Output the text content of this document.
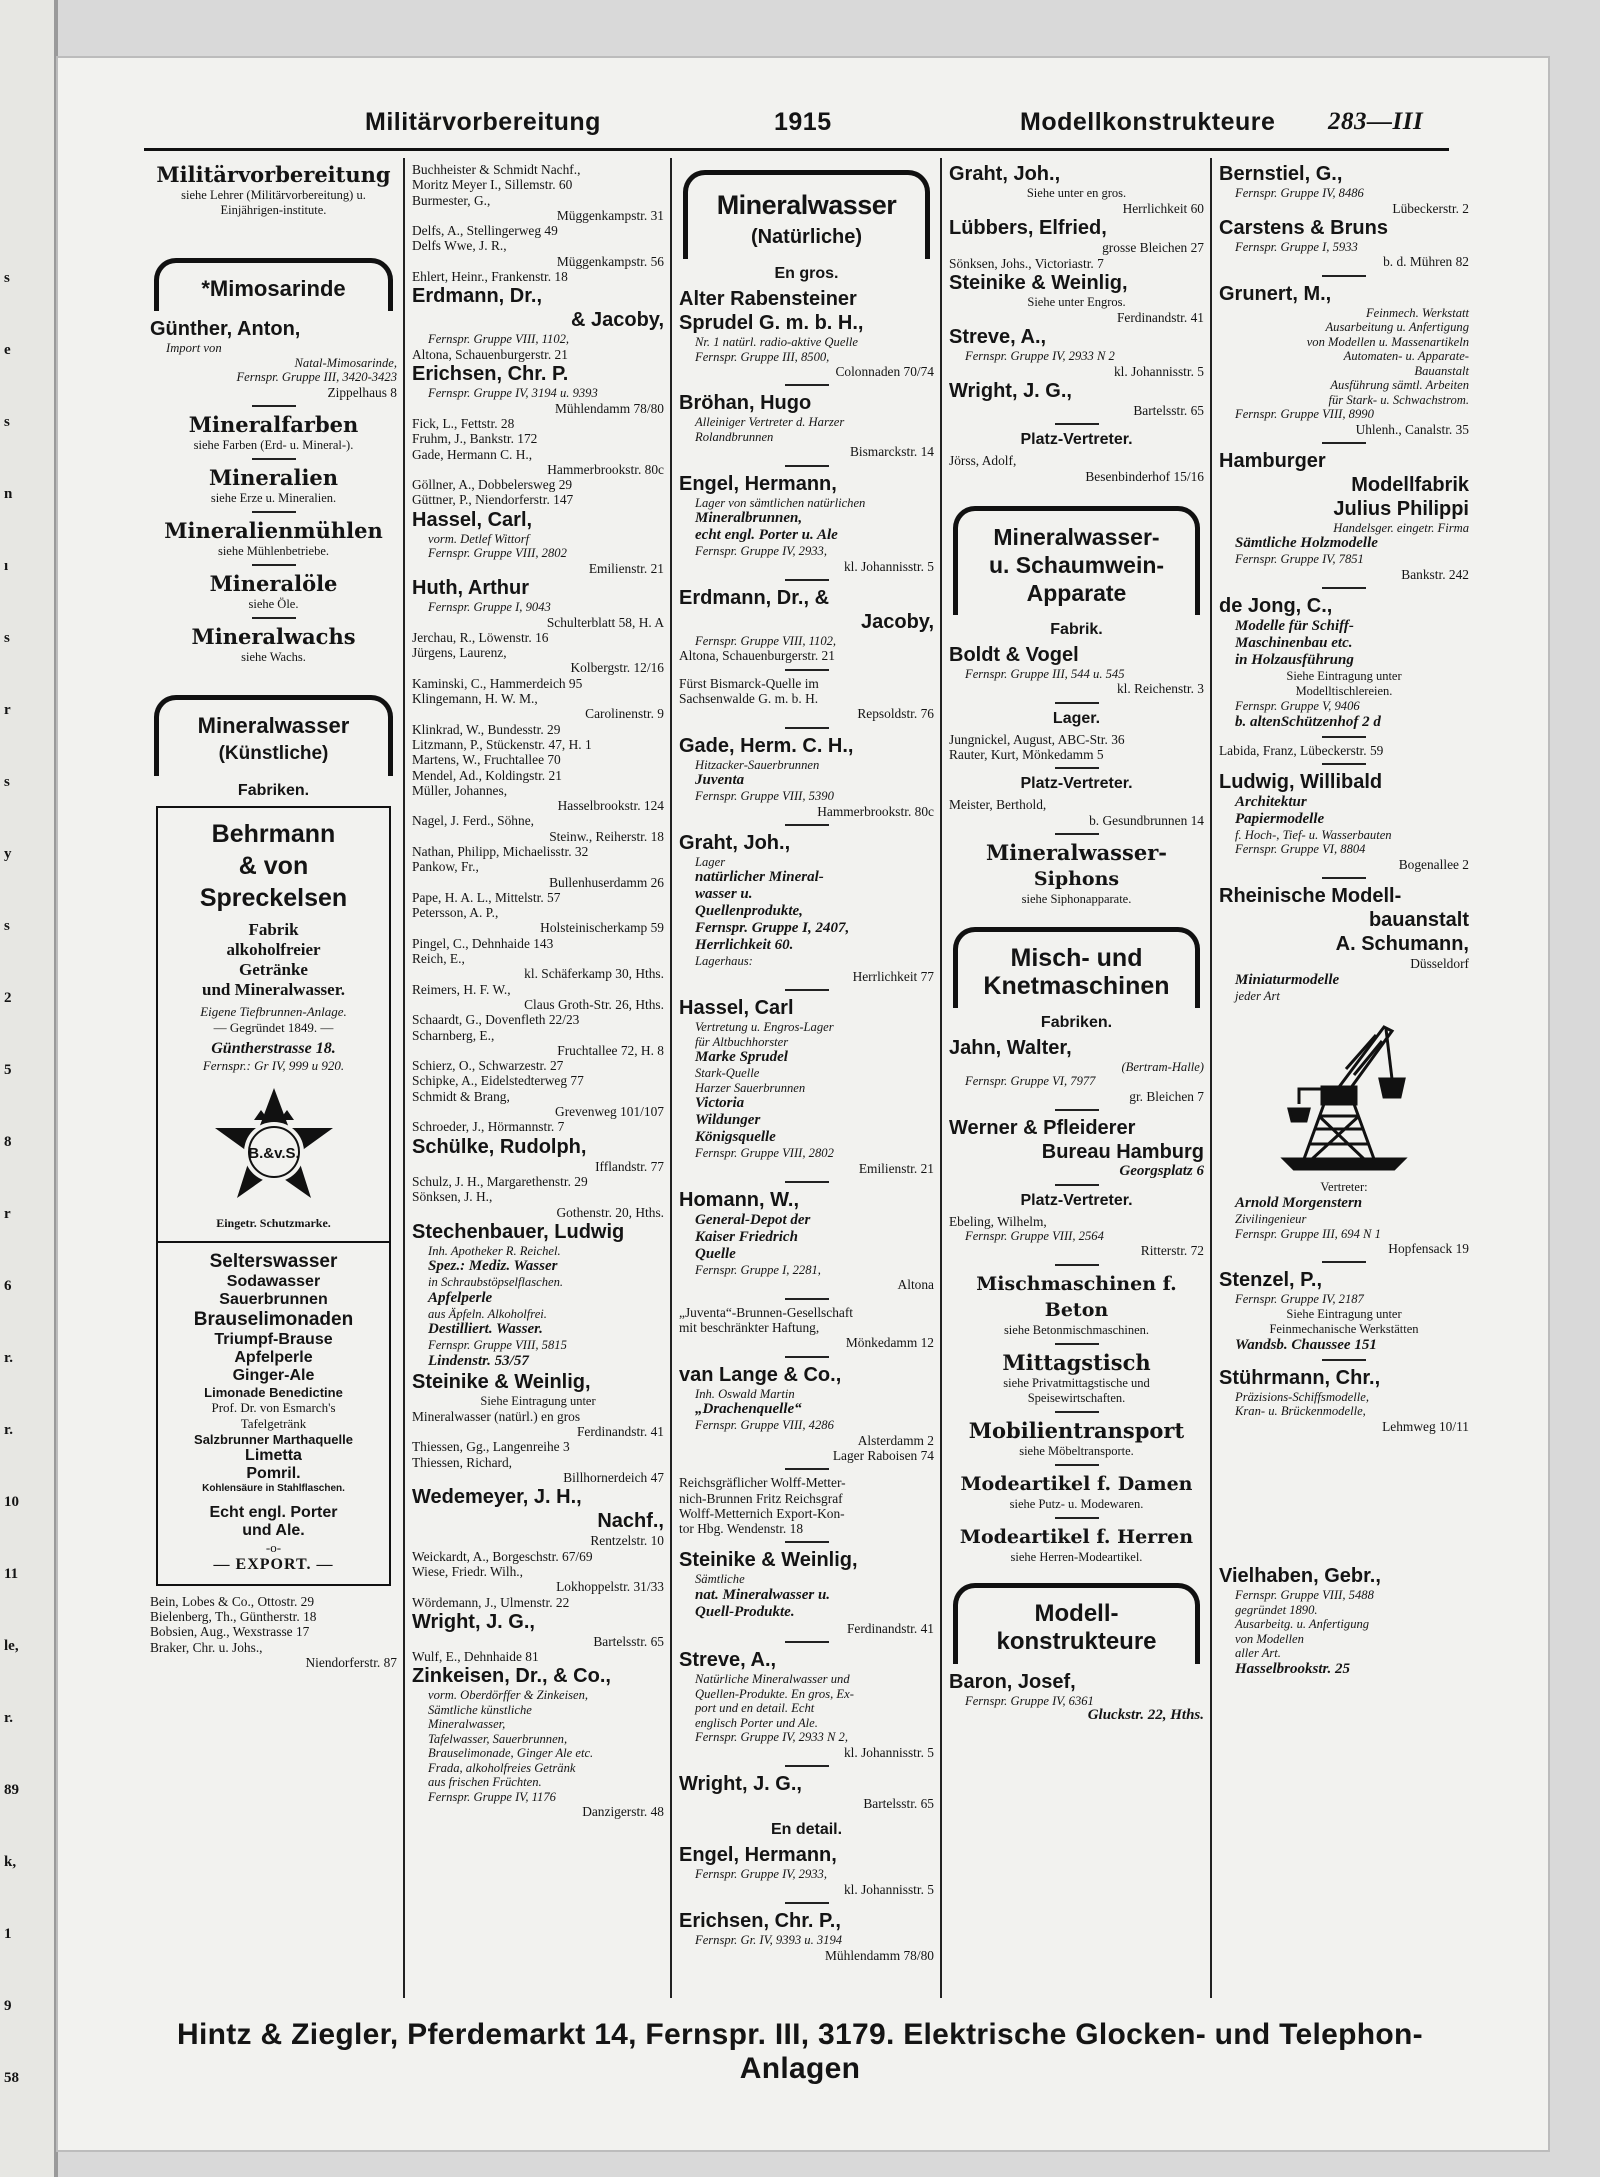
s
e
s
n
ı
s
r
s
y
s
2
5
8
r
6
r.
r.
10
11
le,
r.
89
k,
1
9
58
Militärvorbereitung	1915	Modellkonstrukteure 283—III
Militärvorbereitung
siehe Lehrer (Militärvorbereitung) u. Einjährigen-institute.
*Mimosarinde
Günther, Anton,
Import von
Natal-Mimosarinde,
Fernspr. Gruppe III, 3420-3423
Zippelhaus 8
Mineralfarben
siehe Farben (Erd- u. Mineral-).
Mineralien
siehe Erze u. Mineralien.
Mineralienmühlen
siehe Mühlenbetriebe.
Mineralöle
siehe Öle.
Mineralwachs
siehe Wachs.
Mineralwasser
(Künstliche)
Fabriken.
Behrmann
& von Spreckelsen
Fabrik
alkoholfreier
Getränke
und Mineralwasser.
Eigene Tiefbrunnen-Anlage.
— Gegründet 1849. —
Güntherstrasse 18.
Fernspr.: Gr IV, 999 u 920.
B.&v.S.
Eingetr. Schutzmarke.
Selterswasser
Sodawasser
Sauerbrunnen
Brauselimonaden
Triumpf-Brause
Apfelperle
Ginger-Ale
Limonade Benedictine
Prof. Dr. von Esmarch's
Tafelgetränk
Salzbrunner Marthaquelle
Limetta
Pomril.
Kohlensäure in Stahlflaschen.
Echt engl. Porter
und Ale.
-o-
— EXPORT. —
Bein, Lobes & Co., Ottostr. 29
Bielenberg, Th., Güntherstr. 18
Bobsien, Aug., Wexstrasse 17
Braker, Chr. u. Johs.,
Niendorferstr. 87
Buchheister & Schmidt Nachf.,
Moritz Meyer I., Sillemstr. 60
Burmester, G.,
Müggenkampstr. 31
Delfs, A., Stellingerweg 49
Delfs Wwe, J. R.,
Müggenkampstr. 56
Ehlert, Heinr., Frankenstr. 18
Erdmann, Dr.,
& Jacoby,
Fernspr. Gruppe VIII, 1102,
Altona, Schauenburgerstr. 21
Erichsen, Chr. P.
Fernspr. Gruppe IV, 3194 u. 9393
Mühlendamm 78/80
Fick, L., Fettstr. 28
Fruhm, J., Bankstr. 172
Gade, Hermann C. H.,
Hammerbrookstr. 80c
Göllner, A., Dobbelersweg 29
Güttner, P., Niendorferstr. 147
Hassel, Carl,
vorm. Detlef Wittorf
Fernspr. Gruppe VIII, 2802
Emilienstr. 21
Huth, Arthur
Fernspr. Gruppe I, 9043
Schulterblatt 58, H. A
Jerchau, R., Löwenstr. 16
Jürgens, Laurenz,
Kolbergstr. 12/16
Kaminski, C., Hammerdeich 95
Klingemann, H. W. M.,
Carolinenstr. 9
Klinkrad, W., Bundesstr. 29
Litzmann, P., Stückenstr. 47, H. 1
Martens, W., Fruchtallee 70
Mendel, Ad., Koldingstr. 21
Müller, Johannes,
Hasselbrookstr. 124
Nagel, J. Ferd., Söhne,
Steinw., Reiherstr. 18
Nathan, Philipp, Michaelisstr. 32
Pankow, Fr.,
Bullenhuserdamm 26
Pape, H. A. L., Mittelstr. 57
Petersson, A. P.,
Holsteinischerkamp 59
Pingel, C., Dehnhaide 143
Reich, E.,
kl. Schäferkamp 30, Hths.
Reimers, H. F. W.,
Claus Groth-Str. 26, Hths.
Schaardt, G., Dovenfleth 22/23
Scharnberg, E.,
Fruchtallee 72, H. 8
Schierz, O., Schwarzestr. 27
Schipke, A., Eidelstedterweg 77
Schmidt & Brang,
Grevenweg 101/107
Schroeder, J., Hörmannstr. 7
Schülke, Rudolph,
Ifflandstr. 77
Schulz, J. H., Margarethenstr. 29
Sönksen, J. H.,
Gothenstr. 20, Hths.
Stechenbauer, Ludwig
Inh. Apotheker R. Reichel.
Spez.: Mediz. Wasser
in Schraubstöpselflaschen.
Apfelperle
aus Äpfeln. Alkoholfrei.
Destilliert. Wasser.
Fernspr. Gruppe VIII, 5815
Lindenstr. 53/57
Steinike & Weinlig,
Siehe Eintragung unter
Mineralwasser (natürl.) en gros
Ferdinandstr. 41
Thiessen, Gg., Langenreihe 3
Thiessen, Richard,
Billhornerdeich 47
Wedemeyer, J. H.,
Nachf.,
Rentzelstr. 10
Weickardt, A., Borgeschstr. 67/69
Wiese, Friedr. Wilh.,
Lokhoppelstr. 31/33
Wördemann, J., Ulmenstr. 22
Wright, J. G.,
Bartelsstr. 65
Wulf, E., Dehnhaide 81
Zinkeisen, Dr., & Co.,
vorm. Oberdörffer & Zinkeisen,
Sämtliche künstliche
Mineralwasser,
Tafelwasser, Sauerbrunnen,
Brauselimonade, Ginger Ale etc.
Frada, alkoholfreies Getränk
aus frischen Früchten.
Fernspr. Gruppe IV, 1176
Danzigerstr. 48
Mineralwasser
(Natürliche)
En gros.
Alter Rabensteiner
Sprudel G. m. b. H.,
Nr. 1 natürl. radio-aktive Quelle
Fernspr. Gruppe III, 8500,
Colonnaden 70/74
Bröhan, Hugo
Alleiniger Vertreter d. Harzer
Rolandbrunnen
Bismarckstr. 14
Engel, Hermann,
Lager von sämtlichen natürlichen
Mineralbrunnen,
echt engl. Porter u. Ale
Fernspr. Gruppe IV, 2933,
kl. Johannisstr. 5
Erdmann, Dr., &
Jacoby,
Fernspr. Gruppe VIII, 1102,
Altona, Schauenburgerstr. 21
Fürst Bismarck-Quelle im
Sachsenwalde G. m. b. H.
Repsoldstr. 76
Gade, Herm. C. H.,
Hitzacker-Sauerbrunnen
Juventa
Fernspr. Gruppe VIII, 5390
Hammerbrookstr. 80c
Graht, Joh.,
Lager
natürlicher Mineral-
wasser u.
Quellenprodukte,
Fernspr. Gruppe I, 2407,
Herrlichkeit 60.
Lagerhaus:
Herrlichkeit 77
Hassel, Carl
Vertretung u. Engros-Lager
für Altbuchhorster
Marke Sprudel
Stark-Quelle
Harzer Sauerbrunnen
Victoria
Wildunger
Königsquelle
Fernspr. Gruppe VIII, 2802
Emilienstr. 21
Homann, W.,
General-Depot der
Kaiser Friedrich
Quelle
Fernspr. Gruppe I, 2281,
Altona
„Juventa“-Brunnen-Gesellschaft
mit beschränkter Haftung,
Mönkedamm 12
van Lange & Co.,
Inh. Oswald Martin
„Drachenquelle“
Fernspr. Gruppe VIII, 4286
Alsterdamm 2
Lager Raboisen 74
Reichsgräflicher Wolff-Metter-
nich-Brunnen Fritz Reichsgraf
Wolff-Metternich Export-Kon-
tor Hbg. Wendenstr. 18
Steinike & Weinlig,
Sämtliche
nat. Mineralwasser u.
Quell-Produkte.
Ferdinandstr. 41
Streve, A.,
Natürliche Mineralwasser und
Quellen-Produkte. En gros, Ex-
port und en detail. Echt
englisch Porter und Ale.
Fernspr. Gruppe IV, 2933 N 2,
kl. Johannisstr. 5
Wright, J. G.,
Bartelsstr. 65
En detail.
Engel, Hermann,
Fernspr. Gruppe IV, 2933,
kl. Johannisstr. 5
Erichsen, Chr. P.,
Fernspr. Gr. IV, 9393 u. 3194
Mühlendamm 78/80
Graht, Joh.,
Siehe unter en gros.
Herrlichkeit 60
Lübbers, Elfried,
grosse Bleichen 27
Sönksen, Johs., Victoriastr. 7
Steinike & Weinlig,
Siehe unter Engros.
Ferdinandstr. 41
Streve, A.,
Fernspr. Gruppe IV, 2933 N 2
kl. Johannisstr. 5
Wright, J. G.,
Bartelsstr. 65
Platz-Vertreter.
Jörss, Adolf,
Besenbinderhof 15/16
Mineralwasser-
u. Schaumwein-
Apparate
Fabrik.
Boldt & Vogel
Fernspr. Gruppe III, 544 u. 545
kl. Reichenstr. 3
Lager.
Jungnickel, August, ABC-Str. 36
Rauter, Kurt, Mönkedamm 5
Platz-Vertreter.
Meister, Berthold,
b. Gesundbrunnen 14
Mineralwasser-
Siphons
siehe Siphonapparate.
Misch- und
Knetmaschinen
Fabriken.
Jahn, Walter,
(Bertram-Halle)
Fernspr. Gruppe VI, 7977
gr. Bleichen 7
Werner & Pfleiderer
Bureau Hamburg
Georgsplatz 6
Platz-Vertreter.
Ebeling, Wilhelm,
Fernspr. Gruppe VIII, 2564
Ritterstr. 72
Mischmaschinen f. Beton
siehe Betonmischmaschinen.
Mittagstisch
siehe Privatmittagstische und
Speisewirtschaften.
Mobilientransport
siehe Möbeltransporte.
Modeartikel f. Damen
siehe Putz- u. Modewaren.
Modeartikel f. Herren
siehe Herren-Modeartikel.
Modell-
konstrukteure
Baron, Josef,
Fernspr. Gruppe IV, 6361
Gluckstr. 22, Hths.
Bernstiel, G.,
Fernspr. Gruppe IV, 8486
Lübeckerstr. 2
Carstens & Bruns
Fernspr. Gruppe I, 5933
b. d. Mühren 82
Grunert, M.,
Feinmech. Werkstatt
Ausarbeitung u. Anfertigung
von Modellen u. Massenartikeln
Automaten- u. Apparate-
Bauanstalt
Ausführung sämtl. Arbeiten
für Stark- u. Schwachstrom.
Fernspr. Gruppe VIII, 8990
Uhlenh., Canalstr. 35
Hamburger
Modellfabrik
Julius Philippi
Handelsger. eingetr. Firma
Sämtliche Holzmodelle
Fernspr. Gruppe IV, 7851
Bankstr. 242
de Jong, C.,
Modelle für Schiff-
Maschinenbau etc.
in Holzausführung
Siehe Eintragung unter
Modelltischlereien.
Fernspr. Gruppe V, 9406
b. altenSchützenhof 2 d
Labida, Franz, Lübeckerstr. 59
Ludwig, Willibald
Architektur
Papiermodelle
f. Hoch-, Tief- u. Wasserbauten
Fernspr. Gruppe VI, 8804
Bogenallee 2
Rheinische Modell-
bauanstalt
A. Schumann,
Düsseldorf
Miniaturmodelle
jeder Art
Vertreter:
Arnold Morgenstern
Zivilingenieur
Fernspr. Gruppe III, 694 N 1
Hopfensack 19
Stenzel, P.,
Fernspr. Gruppe IV, 2187
Siehe Eintragung unter
Feinmechanische Werkstätten
Wandsb. Chaussee 151
Stührmann, Chr.,
Präzisions-Schiffsmodelle,
Kran- u. Brückenmodelle,
Lehmweg 10/11
Vielhaben, Gebr.,
Fernspr. Gruppe VIII, 5488
gegründet 1890.
Ausarbeitg. u. Anfertigung
von Modellen
aller Art.
Hasselbrookstr. 25
Hintz & Ziegler, Pferdemarkt 14, Fernspr. III, 3179. Elektrische Glocken- und Telephon-Anlagen
